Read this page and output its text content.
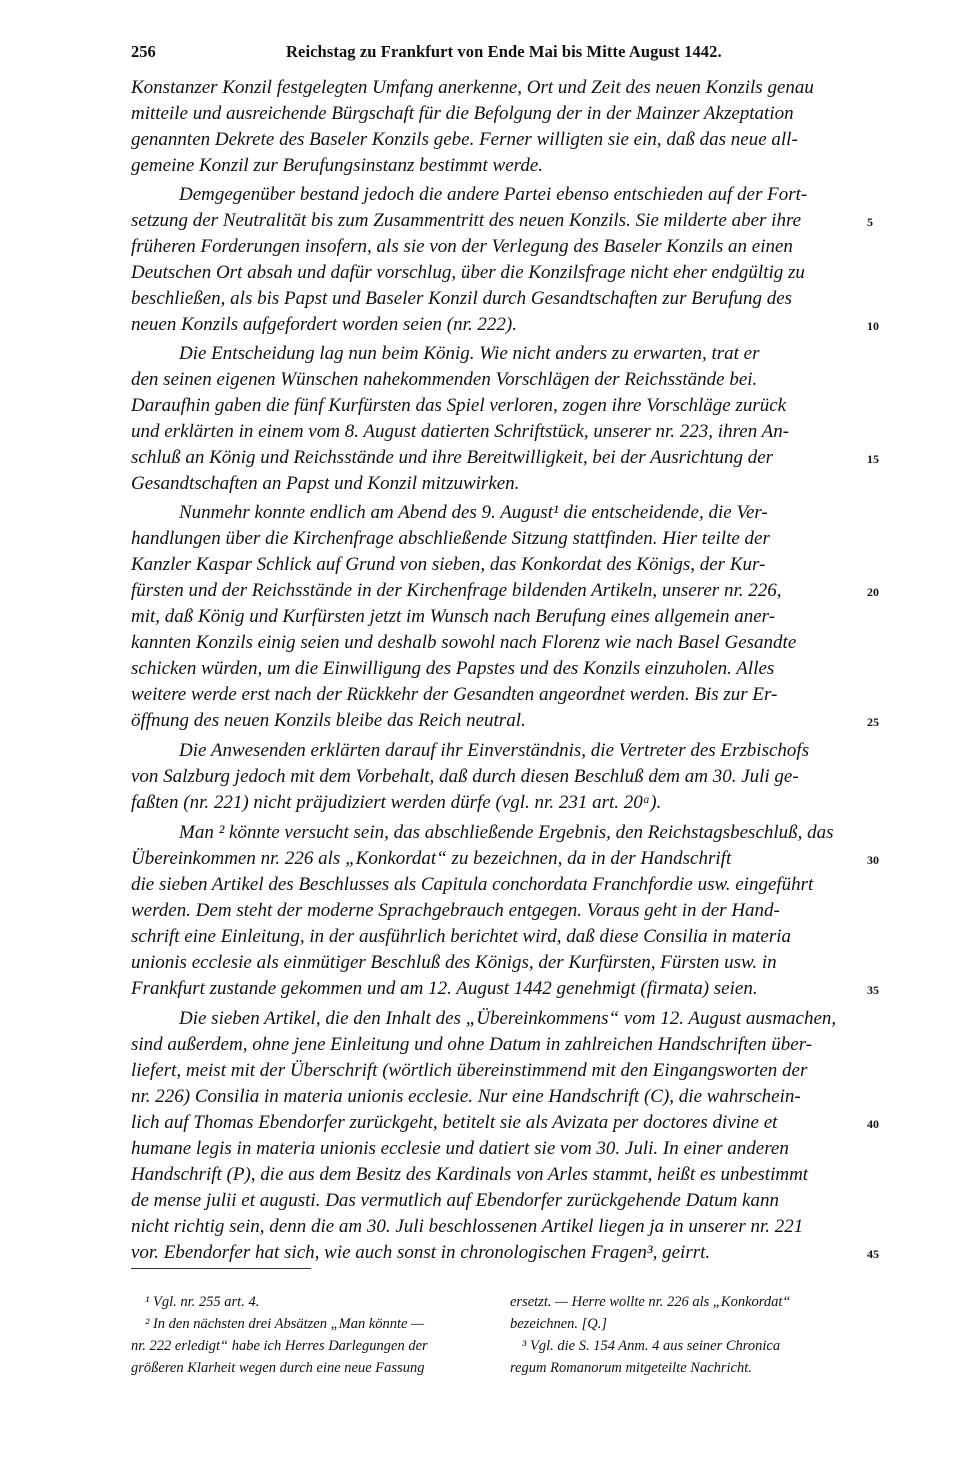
256	Reichstag zu Frankfurt von Ende Mai bis Mitte August 1442.
Konstanzer Konzil festgelegten Umfang anerkenne, Ort und Zeit des neuen Konzils genau
mitteile und ausreichende Bürgschaft für die Befolgung der in der Mainzer Akzeptation
genannten Dekrete des Baseler Konzils gebe. Ferner willigten sie ein, daß das neue all-
gemeine Konzil zur Berufungsinstanz bestimmt werde.
Demgegenüber bestand jedoch die andere Partei ebenso entschieden auf der Fort-
setzung der Neutralität bis zum Zusammentritt des neuen Konzils. Sie milderte aber ihre
früheren Forderungen insofern, als sie von der Verlegung des Baseler Konzils an einen
Deutschen Ort absah und dafür vorschlug, über die Konzilsfrage nicht eher endgültig zu
beschließen, als bis Papst und Baseler Konzil durch Gesandtschaften zur Berufung des
neuen Konzils aufgefordert worden seien (nr. 222).
Die Entscheidung lag nun beim König. Wie nicht anders zu erwarten, trat er
den seinen eigenen Wünschen nahekommenden Vorschlägen der Reichsstände bei.
Daraufhin gaben die fünf Kurfürsten das Spiel verloren, zogen ihre Vorschläge zurück
und erklärten in einem vom 8. August datierten Schriftstück, unserer nr. 223, ihren An-
schluß an König und Reichsstände und ihre Bereitwilligkeit, bei der Ausrichtung der
Gesandtschaften an Papst und Konzil mitzuwirken.
Nunmehr konnte endlich am Abend des 9. August¹ die entscheidende, die Ver-
handlungen über die Kirchenfrage abschließende Sitzung stattfinden. Hier teilte der
Kanzler Kaspar Schlick auf Grund von sieben, das Konkordat des Königs, der Kur-
fürsten und der Reichsstände in der Kirchenfrage bildenden Artikeln, unserer nr. 226,
mit, daß König und Kurfürsten jetzt im Wunsch nach Berufung eines allgemein aner-
kannten Konzils einig seien und deshalb sowohl nach Florenz wie nach Basel Gesandte
schicken würden, um die Einwilligung des Papstes und des Konzils einzuholen. Alles
weitere werde erst nach der Rückkehr der Gesandten angeordnet werden. Bis zur Er-
öffnung des neuen Konzils bleibe das Reich neutral.
Die Anwesenden erklärten darauf ihr Einverständnis, die Vertreter des Erzbischofs
von Salzburg jedoch mit dem Vorbehalt, daß durch diesen Beschluß dem am 30. Juli ge-
faßten (nr. 221) nicht präjudiziert werden dürfe (vgl. nr. 231 art. 20ᵃ).
Man ² könnte versucht sein, das abschließende Ergebnis, den Reichstagsbeschluß, das
Übereinkommen nr. 226 als „Konkordat“ zu bezeichnen, da in der Handschrift
die sieben Artikel des Beschlusses als Capitula conchordata Franchfordie usw. eingeführt
werden. Dem steht der moderne Sprachgebrauch entgegen. Voraus geht in der Hand-
schrift eine Einleitung, in der ausführlich berichtet wird, daß diese Consilia in materia
unionis ecclesie als einmütiger Beschluß des Königs, der Kurfürsten, Fürsten usw. in
Frankfurt zustande gekommen und am 12. August 1442 genehmigt (firmata) seien.
Die sieben Artikel, die den Inhalt des „Übereinkommens“ vom 12. August ausmachen,
sind außerdem, ohne jene Einleitung und ohne Datum in zahlreichen Handschriften über-
liefert, meist mit der Überschrift (wörtlich übereinstimmend mit den Eingangsworten der
nr. 226) Consilia in materia unionis ecclesie. Nur eine Handschrift (C), die wahrschein-
lich auf Thomas Ebendorfer zurückgeht, betitelt sie als Avizata per doctores divine et
humane legis in materia unionis ecclesie und datiert sie vom 30. Juli. In einer anderen
Handschrift (P), die aus dem Besitz des Kardinals von Arles stammt, heißt es unbestimmt
de mense julii et augusti. Das vermutlich auf Ebendorfer zurückgehende Datum kann
nicht richtig sein, denn die am 30. Juli beschlossenen Artikel liegen ja in unserer nr. 221
vor. Ebendorfer hat sich, wie auch sonst in chronologischen Fragen³, geirrt.
5
10
15
20
25
30
35
40
45
¹ Vgl. nr. 255 art. 4.
² In den nächsten drei Absätzen „Man könnte —
nr. 222 erledigt“ habe ich Herres Darlegungen der
größeren Klarheit wegen durch eine neue Fassung
ersetzt. — Herre wollte nr. 226 als „Konkordat“
bezeichnen. [Q.]
³ Vgl. die S. 154 Anm. 4 aus seiner Chronica
regum Romanorum mitgeteilte Nachricht.
